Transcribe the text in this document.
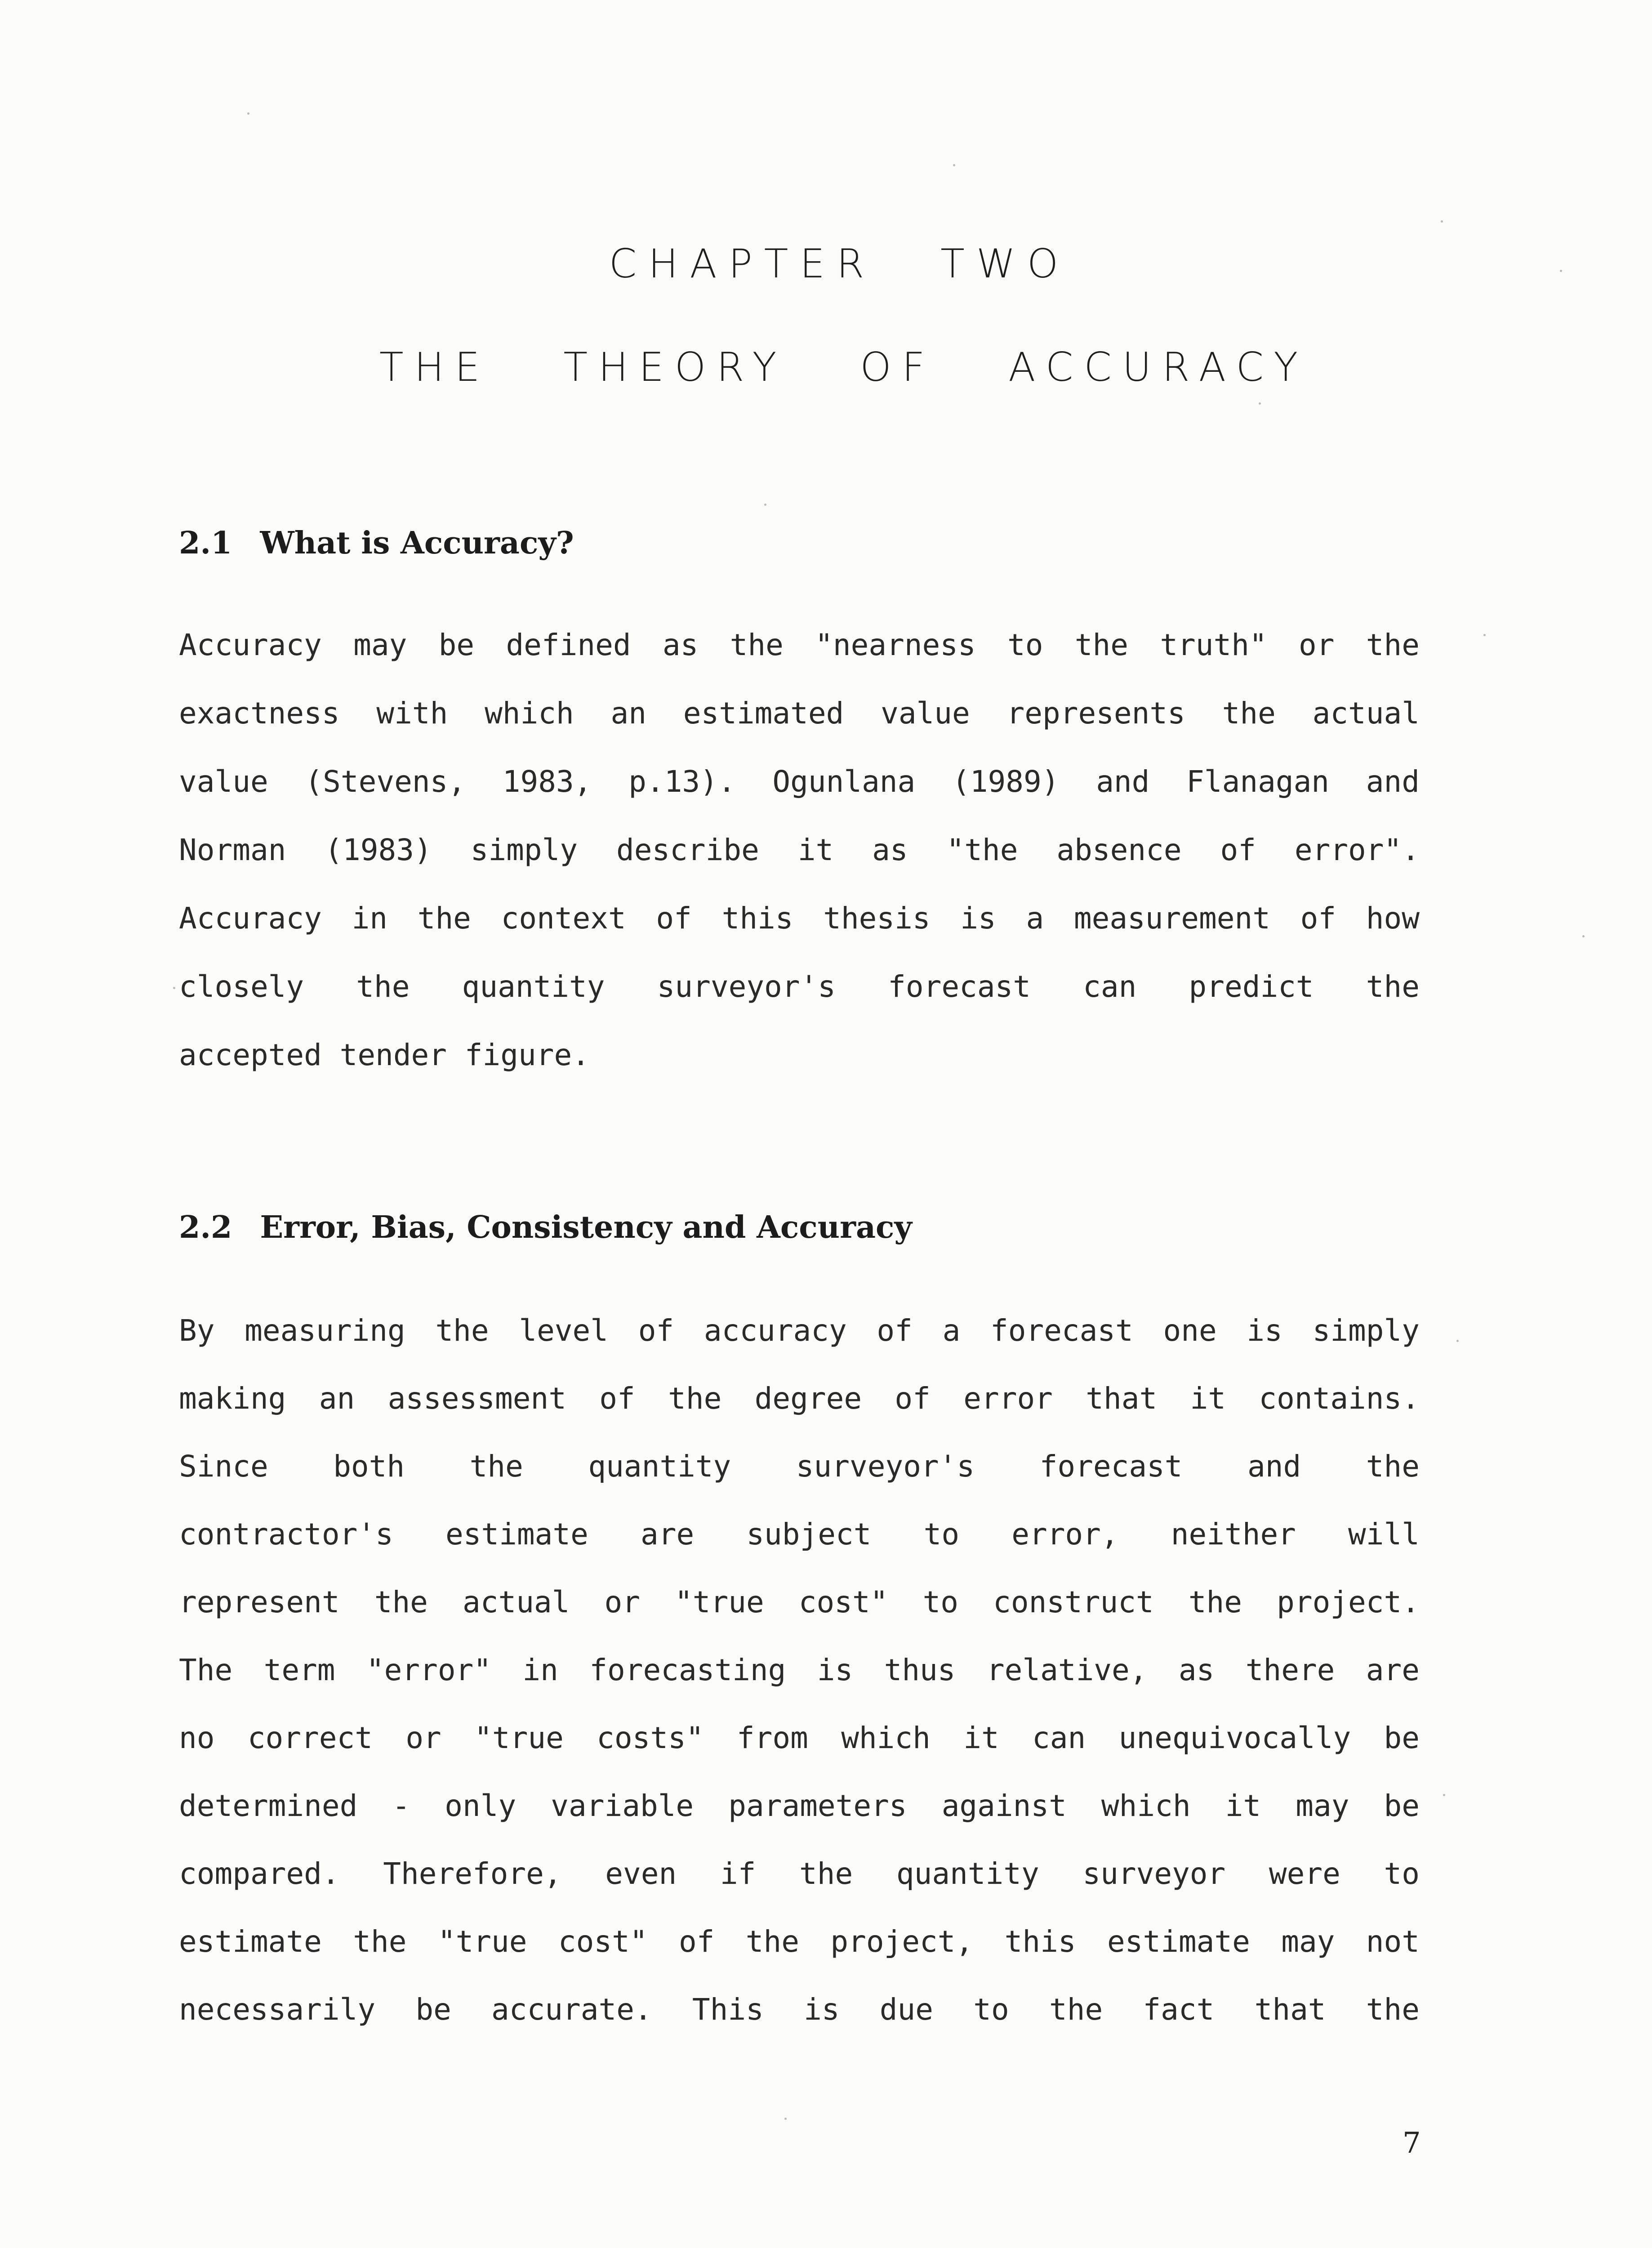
CHAPTER TWO
THE THEORY OF ACCURACY
2.1 What is Accuracy?
Accuracy may be defined as the "nearness to the truth" or the
exactness with which an estimated value represents the actual
value (Stevens, 1983, p.13). Ogunlana (1989) and Flanagan and
Norman (1983) simply describe it as "the absence of error".
Accuracy in the context of this thesis is a measurement of how
closely the quantity surveyor's forecast can predict the
accepted tender figure.
2.2 Error, Bias, Consistency and Accuracy
By measuring the level of accuracy of a forecast one is simply
making an assessment of the degree of error that it contains.
Since both the quantity surveyor's forecast and the
contractor's estimate are subject to error, neither will
represent the actual or "true cost" to construct the project.
The term "error" in forecasting is thus relative, as there are
no correct or "true costs" from which it can unequivocally be
determined - only variable parameters against which it may be
compared. Therefore, even if the quantity surveyor were to
estimate the "true cost" of the project, this estimate may not
necessarily be accurate. This is due to the fact that the
7
